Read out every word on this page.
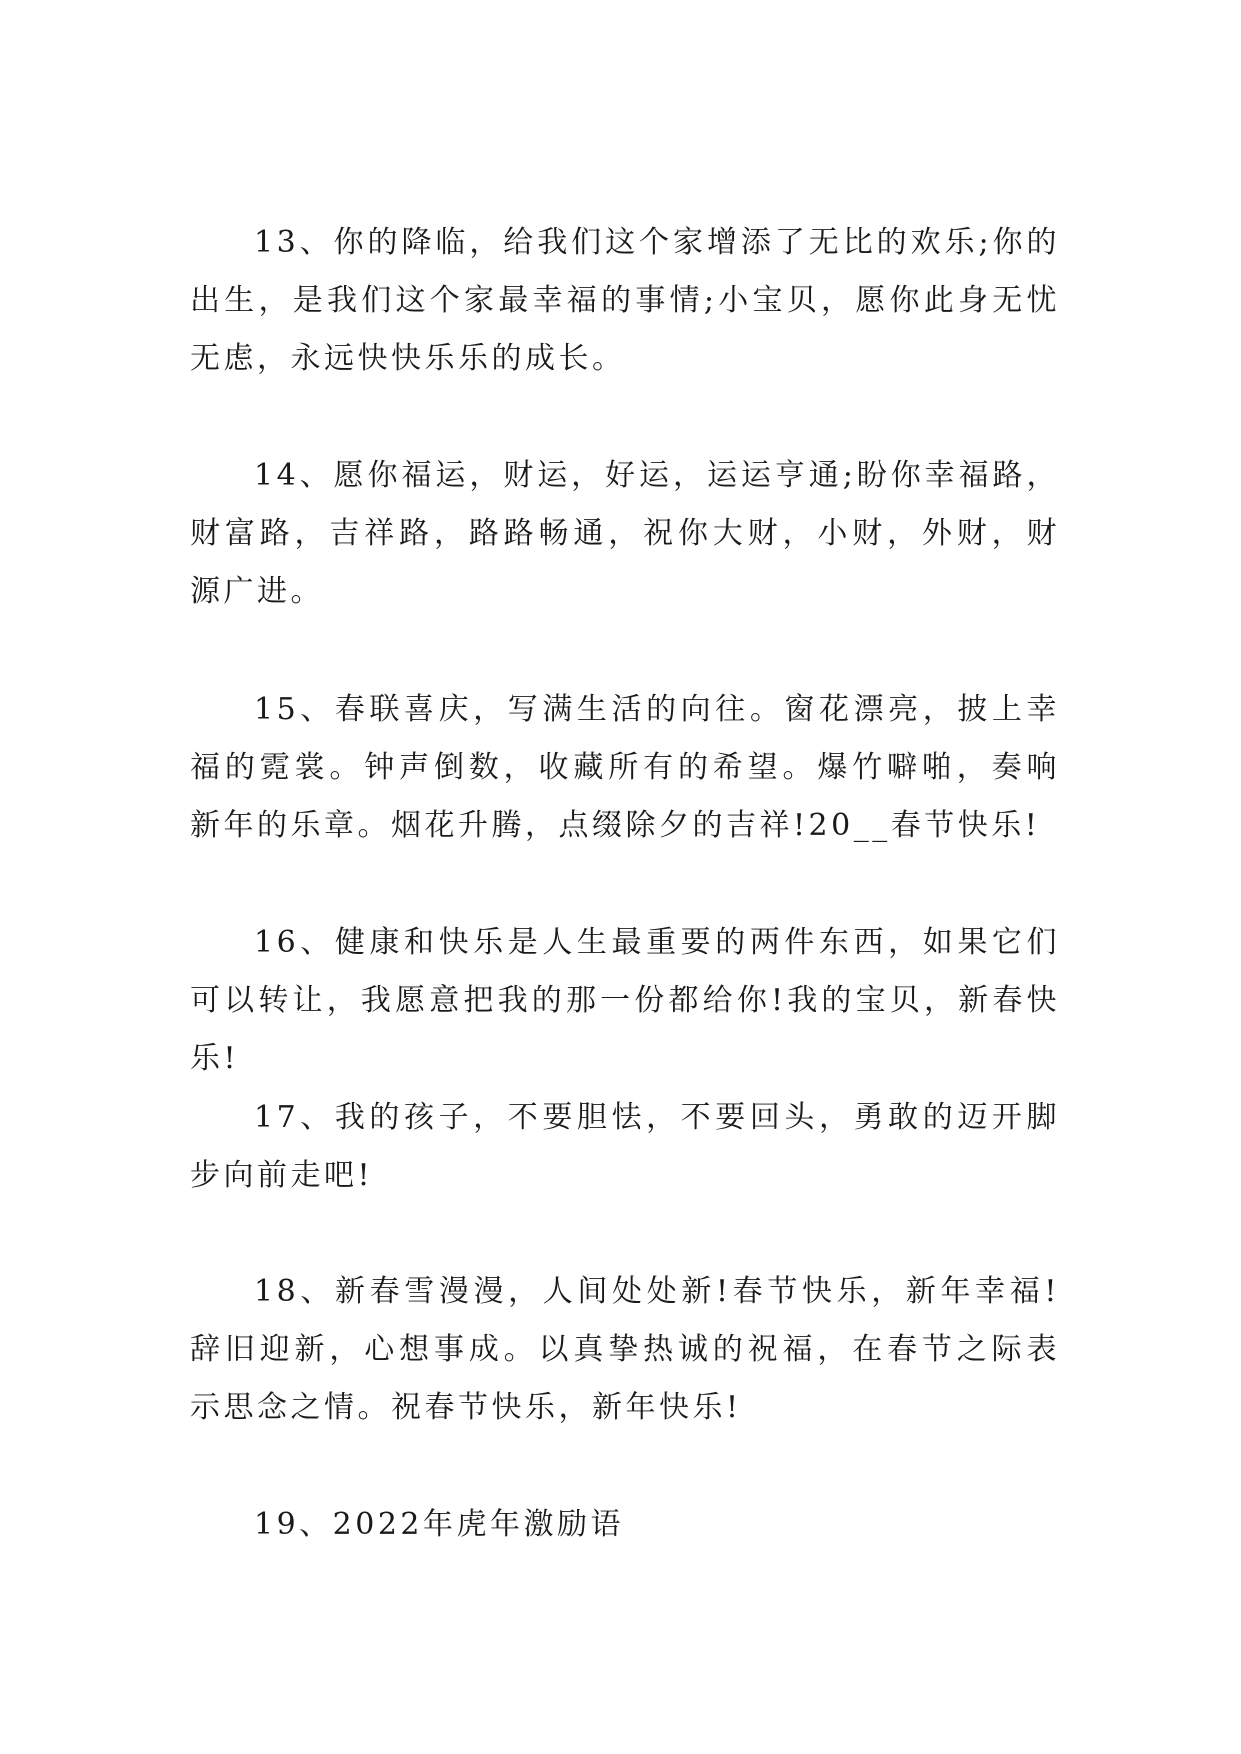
13、你的降临，给我们这个家增添了无比的欢乐;你的出生，是我们这个家最幸福的事情;小宝贝，愿你此身无忧无虑，永远快快乐乐的成长。

14、愿你福运，财运，好运，运运亨通;盼你幸福路，财富路，吉祥路，路路畅通，祝你大财，小财，外财，财源广进。

15、春联喜庆，写满生活的向往。窗花漂亮，披上幸福的霓裳。钟声倒数，收藏所有的希望。爆竹噼啪，奏响新年的乐章。烟花升腾，点缀除夕的吉祥!20__春节快乐!

16、健康和快乐是人生最重要的两件东西，如果它们可以转让，我愿意把我的那一份都给你!我的宝贝，新春快乐!

17、我的孩子，不要胆怯，不要回头，勇敢的迈开脚步向前走吧!

18、新春雪漫漫，人间处处新!春节快乐，新年幸福!辞旧迎新，心想事成。以真挚热诚的祝福，在春节之际表示思念之情。祝春节快乐，新年快乐!

19、2022年虎年激励语
